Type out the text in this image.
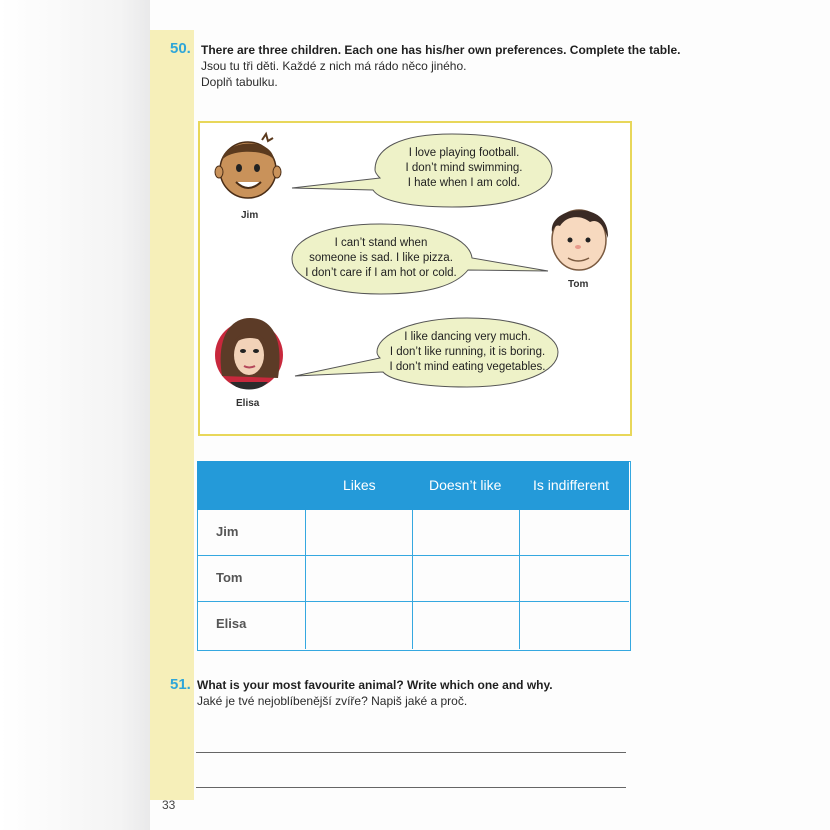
50. There are three children. Each one has his/her own preferences. Complete the table.
Jsou tu tři děti. Každé z nich má rádo něco jiného.
Doplň tabulku.
Jim
Tom
Elisa
I love playing football.
I don’t mind swimming.
I hate when I am cold.
I can’t stand when
someone is sad. I like pizza.
I don’t care if I am hot or cold.
I like dancing very much.
I don’t like running, it is boring.
I don’t mind eating vegetables.
Likes	Doesn’t like Is indifferent
Jim
Tom
Elisa
51. What is your most favourite animal? Write which one and why.
Jaké je tvé nejoblíbenější zvíře? Napiš jaké a proč.
33
